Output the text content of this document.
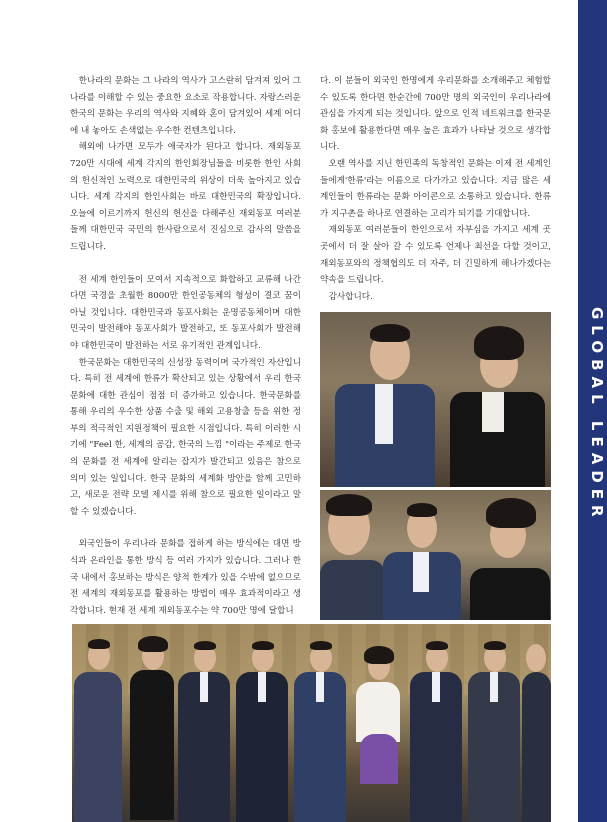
GLOBAL LEADER

한나라의 문화는 그 나라의 역사가 고스란히 담겨져 있어 그 나라를 이해할 수 있는 중요한 요소로 작용합니다. 자랑스러운 한국의 문화는 우리의 역사와 지혜와 혼이 담겨있어 세계 어디에 내 놓아도 손색없는 우수한 컨텐츠입니다.

해외에 나가면 모두가 애국자가 된다고 합니다. 재외동포 720만 시대에 세계 각지의 한인회장님들을 비롯한 한인 사회의 헌신적인 노력으로 대한민국의 위상이 더욱 높아지고 있습니다. 세계 각지의 한인사회는 바로 대한민국의 확장입니다. 오늘에 이르기까지 헌신의 헌신을 다해주신 재외동포 여러분들께 대한민국 국민의 한사람으로서 진심으로 감사의 말씀을 드립니다.

전 세계 한인들이 모여서 지속적으로 화합하고 교류해 나간다면 국경을 초월한 8000만 한인공동체의 형성이 결코 꿈이 아닐 것입니다. 대한민국과 동포사회는 운명공동체이며 대한민국이 발전해야 동포사회가 발전하고, 또 동포사회가 발전해야 대한민국이 발전하는 서로 유기적인 관계입니다.

한국문화는 대한민국의 신성장 동력이며 국가적인 자산입니다. 특히 전 세계에 한류가 확산되고 있는 상황에서 우리 한국 문화에 대한 관심이 점점 더 증가하고 있습니다. 한국문화를 통해 우리의 우수한 상품 수출 및 해외 고용창출 등을 위한 정부의 적극적인 지원정책이 필요한 시점입니다. 특히 이러한 시기에 "Feel 한, 세계의 공감, 한국의 느낌 "이라는 주제로 한국의 문화를 전 세계에 알리는 잡지가 발간되고 있음은 참으로 의미 있는 일입니다. 한국 문화의 세계화 방안을 함께 고민하고, 새로운 전략 모델 제시를 위해 참으로 필요한 일이라고 말할 수 있겠습니다.

외국인들이 우리나라 문화를 접하게 하는 방식에는 대면 방식과 온라인을 통한 방식 등 여러 가지가 있습니다. 그러나 한국 내에서 홍보하는 방식은 양적 한계가 있을 수밖에 없으므로 전 세계의 재외동포를 활용하는 방법이 매우 효과적이라고 생각합니다. 현재 전 세계 재외동포수는 약 700만 명에 달합니

다. 이 분들이 외국인 한명에게 우리문화를 소개해주고 체험할 수 있도록 한다면 한순간에 700만 명의 외국인이 우리나라에 관심을 가지게 되는 것입니다. 앞으로 인적 네트워크를 한국문화 홍보에 활용한다면 매우 높은 효과가 나타날 것으로 생각합니다.

오랜 역사를 지닌 한민족의 독창적인 문화는 이제 전 세계인들에게'한류'라는 이름으로 다가가고 있습니다. 지금 많은 세계인들이 한류라는 문화 아이콘으로 소통하고 있습니다. 한류가 지구촌을 하나로 연결하는 고리가 되기를 기대합니다.

재외동포 여러분들이 한인으로서 자부심을 가지고 세계 곳곳에서 더 잘 살아 갈 수 있도록 언제나 최선을 다할 것이고, 재외동포와의 정책협의도 더 자주, 더 긴밀하게 해나가겠다는 약속을 드립니다.

감사합니다.
